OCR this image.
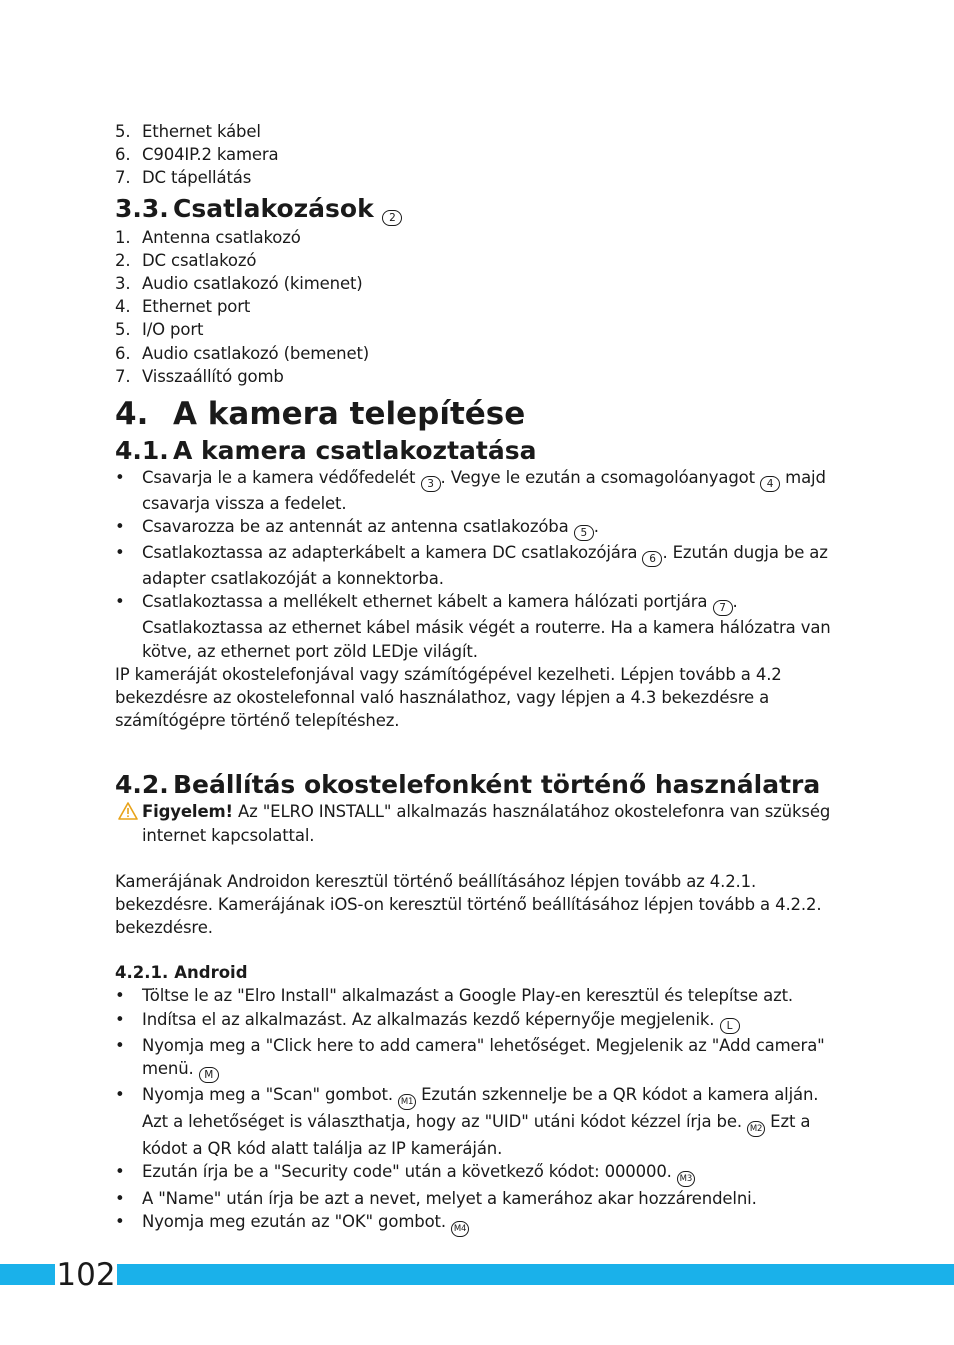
5. Ethernet kábel
6. C904IP.2 kamera
7. DC tápellátás
3.3. Csatlakozások 2
1. Antenna csatlakozó
2. DC csatlakozó
3. Audio csatlakozó (kimenet)
4. Ethernet port
5. I/O port
6. Audio csatlakozó (bemenet)
7. Visszaállító gomb
4. A kamera telepítése
4.1. A kamera csatlakoztatása
• Csavarja le a kamera védőfedelét 3 . Vegye le ezután a csomagolóanyagot 4 majd csavarja vissza a fedelet.
• Csavarozza be az antennát az antenna csatlakozóba 5 .
• Csatlakoztassa az adapterkábelt a kamera DC csatlakozójára 6 . Ezután dugja be az adapter csatlakozóját a konnektorba.
• Csatlakoztassa a mellékelt ethernet kábelt a kamera hálózati portjára 7 . Csatlakoztassa az ethernet kábel másik végét a routerre. Ha a kamera hálózatra van kötve, az ethernet port zöld LEDje világít.

IP kameráját okostelefonjával vagy számítógépével kezelheti. Lépjen tovább a 4.2 bekezdésre az okostelefonnal való használathoz, vagy lépjen a 4.3 bekezdésre a számítógépre történő telepítéshez.

4.2. Beállítás okostelefonként történő használatra
Figyelem! Az "ELRO INSTALL" alkalmazás használatához okostelefonra van szükség internet kapcsolattal.

Kamerájának Androidon keresztül történő beállításához lépjen tovább az 4.2.1. bekezdésre. Kamerájának iOS-on keresztül történő beállításához lépjen tovább a 4.2.2. bekezdésre.

4.2.1. Android
• Töltse le az "Elro Install" alkalmazást a Google Play-en keresztül és telepítse azt.
• Indítsa el az alkalmazást. Az alkalmazás kezdő képernyője megjelenik. L
• Nyomja meg a "Click here to add camera" lehetőséget. Megjelenik az "Add camera" menü. M
• Nyomja meg a "Scan" gombot. M1 Ezután szkennelje be a QR kódot a kamera alján. Azt a lehetőséget is választhatja, hogy az "UID" utáni kódot kézzel írja be. M2 Ezt a kódot a QR kód alatt találja az IP kameráján.
• Ezután írja be a "Security code" után a következő kódot: 000000. M3
• A "Name" után írja be azt a nevet, melyet a kamerához akar hozzárendelni.
• Nyomja meg ezután az "OK" gombot. M4
102
